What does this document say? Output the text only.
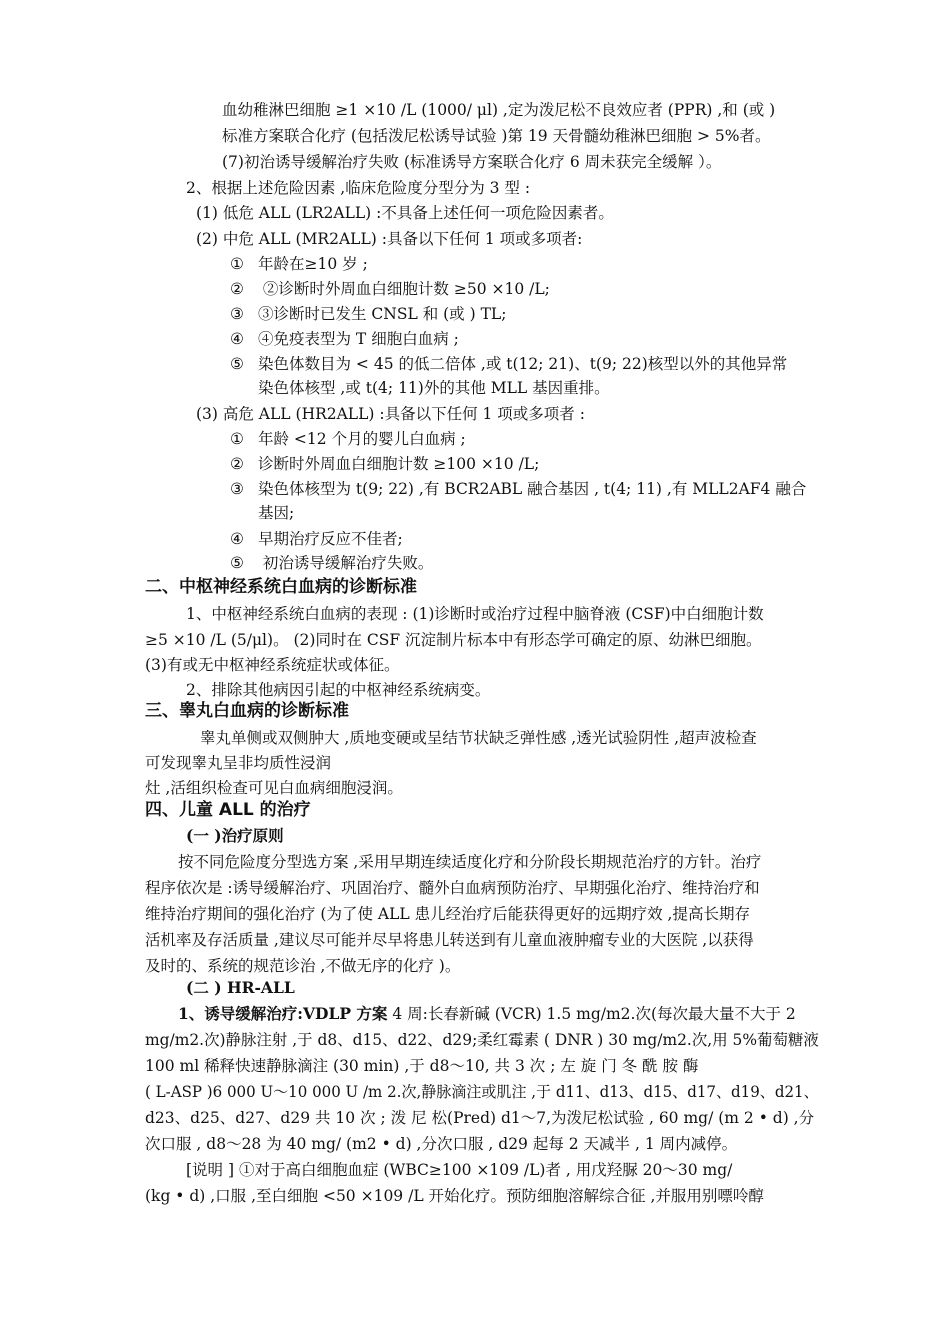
血幼稚淋巴细胞 ≥1 ×10 /L (1000/ μl) ,定为泼尼松不良效应者 (PPR) ,和 (或 )
标准方案联合化疗 (包括泼尼松诱导试验 )第 19 天骨髓幼稚淋巴细胞 > 5%者。
(7)初治诱导缓解治疗失败 (标准诱导方案联合化疗 6 周未获完全缓解 ）。
2、根据上述危险因素 ,临床危险度分型分为 3 型 :
(1) 低危 ALL (LR2ALL) :不具备上述任何一项危险因素者。
(2) 中危 ALL (MR2ALL) :具备以下任何 1 项或多项者:
① 年龄在≥10 岁 ;
② ②诊断时外周血白细胞计数 ≥50 ×10 /L;
③ ③诊断时已发生 CNSL 和 (或 ) TL;
④ ④免疫表型为 T 细胞白血病 ;
⑤ 染色体数目为 < 45 的低二倍体 ,或 t(12; 21)、t(9; 22)核型以外的其他异常
染色体核型 ,或 t(4; 11)外的其他 MLL 基因重排。
(3) 高危 ALL (HR2ALL) :具备以下任何 1 项或多项者 :
① 年龄 <12 个月的婴儿白血病 ;
② 诊断时外周血白细胞计数 ≥100 ×10 /L;
③ 染色体核型为 t(9; 22) ,有 BCR2ABL 融合基因 , t(4; 11) ,有 MLL2AF4 融合
基因;
④ 早期治疗反应不佳者;
⑤ 初治诱导缓解治疗失败。
二、中枢神经系统白血病的诊断标准
1、中枢神经系统白血病的表现 : (1)诊断时或治疗过程中脑脊液 (CSF)中白细胞计数
≥5 ×10 /L (5/μl)。 (2)同时在 CSF 沉淀制片标本中有形态学可确定的原、幼淋巴细胞。
(3)有或无中枢神经系统症状或体征。
2、排除其他病因引起的中枢神经系统病变。
三、睾丸白血病的诊断标准
睾丸单侧或双侧肿大 ,质地变硬或呈结节状缺乏弹性感 ,透光试验阴性 ,超声波检查
可发现睾丸呈非均质性浸润
灶 ,活组织检查可见白血病细胞浸润。
四、儿童 ALL 的治疗
(一 )治疗原则
按不同危险度分型选方案 ,采用早期连续适度化疗和分阶段长期规范治疗的方针。治疗
程序依次是 :诱导缓解治疗、巩固治疗、髓外白血病预防治疗、早期强化治疗、维持治疗和
维持治疗期间的强化治疗 (为了使 ALL 患儿经治疗后能获得更好的远期疗效 ,提高长期存
活机率及存活质量 ,建议尽可能并尽早将患儿转送到有儿童血液肿瘤专业的大医院 ,以获得
及时的、系统的规范诊治 ,不做无序的化疗 )。
(二 ) HR-ALL
1、诱导缓解治疗:VDLP 方案 4 周:长春新碱 (VCR) 1.5 mg/m2.次(每次最大量不大于 2
mg/m2.次)静脉注射 ,于 d8、d15、d22、d29;柔红霉素 ( DNR ) 30 mg/m2.次,用 5%葡萄糖液
100 ml 稀释快速静脉滴注 (30 min) ,于 d8～10, 共 3 次 ; 左 旋 门 冬 酰 胺 酶
( L-ASP )6 000 U～10 000 U /m 2.次,静脉滴注或肌注 ,于 d11、d13、d15、d17、d19、d21、
d23、d25、d27、d29 共 10 次 ; 泼 尼 松(Pred) d1～7,为泼尼松试验 , 60 mg/ (m 2 • d) ,分
次口服 , d8～28 为 40 mg/ (m2 • d) ,分次口服 , d29 起每 2 天减半 , 1 周内减停。
[说明 ] ①对于高白细胞血症 (WBC≥100 ×109 /L)者 , 用戊羟脲 20～30 mg/
(kg • d) ,口服 ,至白细胞 <50 ×109 /L 开始化疗。预防细胞溶解综合征 ,并服用别嘌呤醇
